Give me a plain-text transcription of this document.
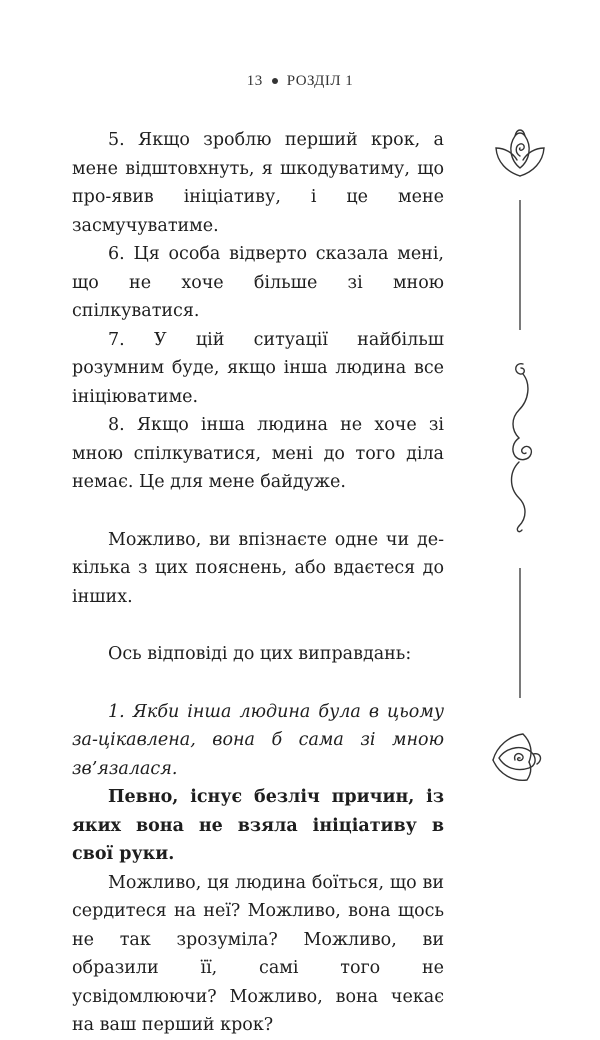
13 РОЗДІЛ 1

5. Якщо зроблю перший крок, а мене відштовхнуть, я шкодуватиму, що про-явив ініціативу, і це мене засмучуватиме.

6. Ця особа відверто сказала мені, що не хоче більше зі мною спілкуватися.

7. У цій ситуації найбільш розумним буде, якщо інша людина все ініціюватиме.

8. Якщо інша людина не хоче зі мною спілкуватися, мені до того діла немає. Це для мене байдуже.

Можливо, ви впізнаєте одне чи де-кілька з цих пояснень, або вдаєтеся до інших.

Ось відповіді до цих виправдань:

1. Якби інша людина була в цьому за-цікавлена, вона б сама зі мною зв’язалася.

Певно, існує безліч причин, із яких вона не взяла ініціативу в свої руки.

Можливо, ця людина боїться, що ви сердитеся на неї? Можливо, вона щось не так зрозуміла? Можливо, ви образили її, самі того не усвідомлюючи? Можливо, вона чекає на ваш перший крок?
